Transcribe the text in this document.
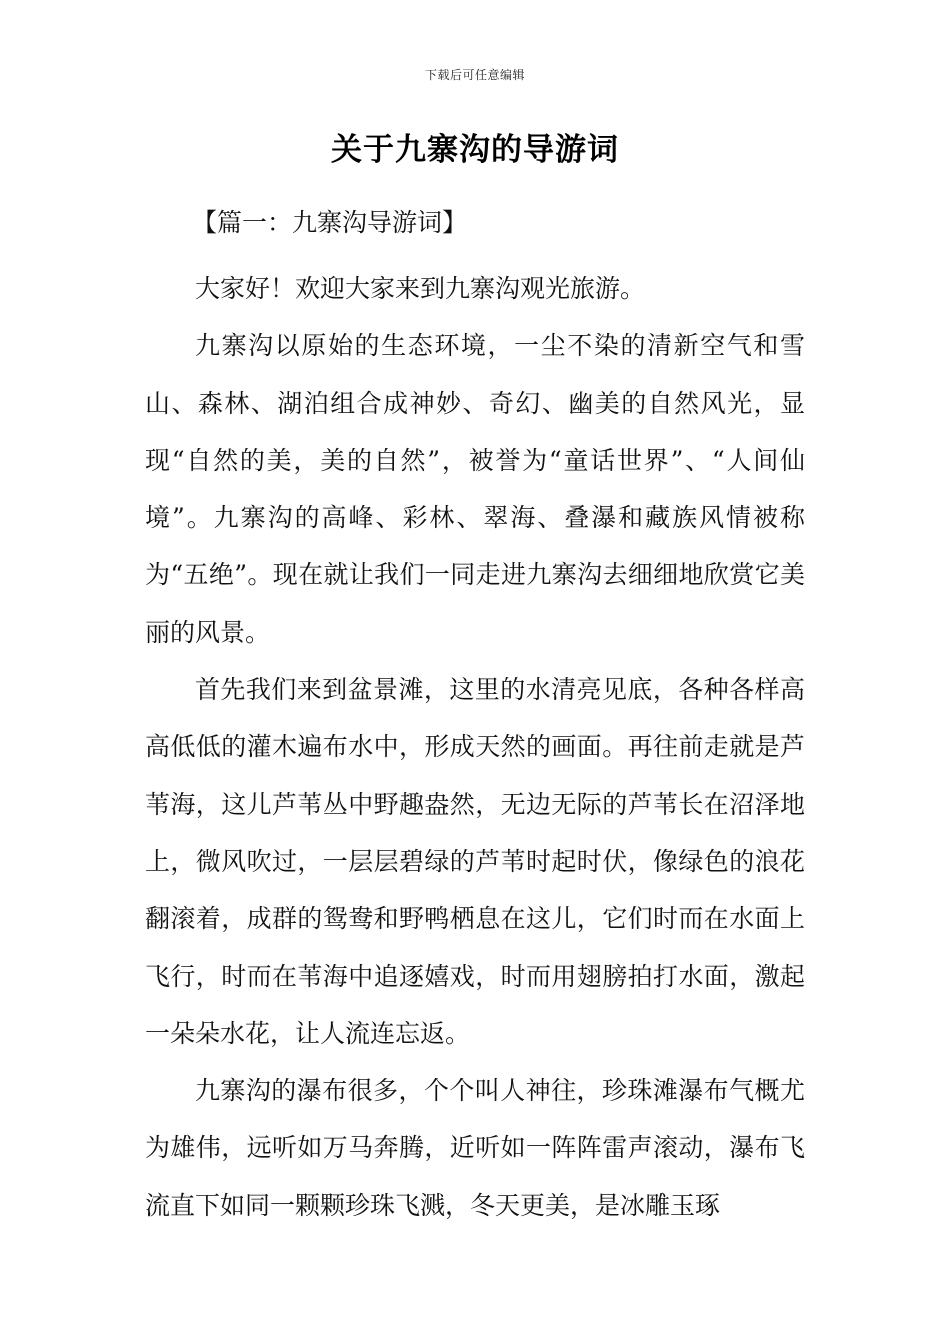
下载后可任意编辑
关于九寨沟的导游词
【篇一：九寨沟导游词】

大家好！欢迎大家来到九寨沟观光旅游。

九寨沟以原始的生态环境，一尘不染的清新空气和雪山、森林、湖泊组合成神妙、奇幻、幽美的自然风光，显现“自然的美，美的自然”，被誉为“童话世界”、“人间仙境”。九寨沟的高峰、彩林、翠海、叠瀑和藏族风情被称为“五绝”。现在就让我们一同走进九寨沟去细细地欣赏它美丽的风景。

首先我们来到盆景滩，这里的水清亮见底，各种各样高高低低的灌木遍布水中，形成天然的画面。再往前走就是芦苇海，这儿芦苇丛中野趣盎然，无边无际的芦苇长在沼泽地上，微风吹过，一层层碧绿的芦苇时起时伏，像绿色的浪花翻滚着，成群的鸳鸯和野鸭栖息在这儿，它们时而在水面上飞行，时而在苇海中追逐嬉戏，时而用翅膀拍打水面，激起一朵朵水花，让人流连忘返。

九寨沟的瀑布很多，个个叫人神往，珍珠滩瀑布气概尤为雄伟，远听如万马奔腾，近听如一阵阵雷声滚动，瀑布飞流直下如同一颗颗珍珠飞溅，冬天更美，是冰雕玉琢
